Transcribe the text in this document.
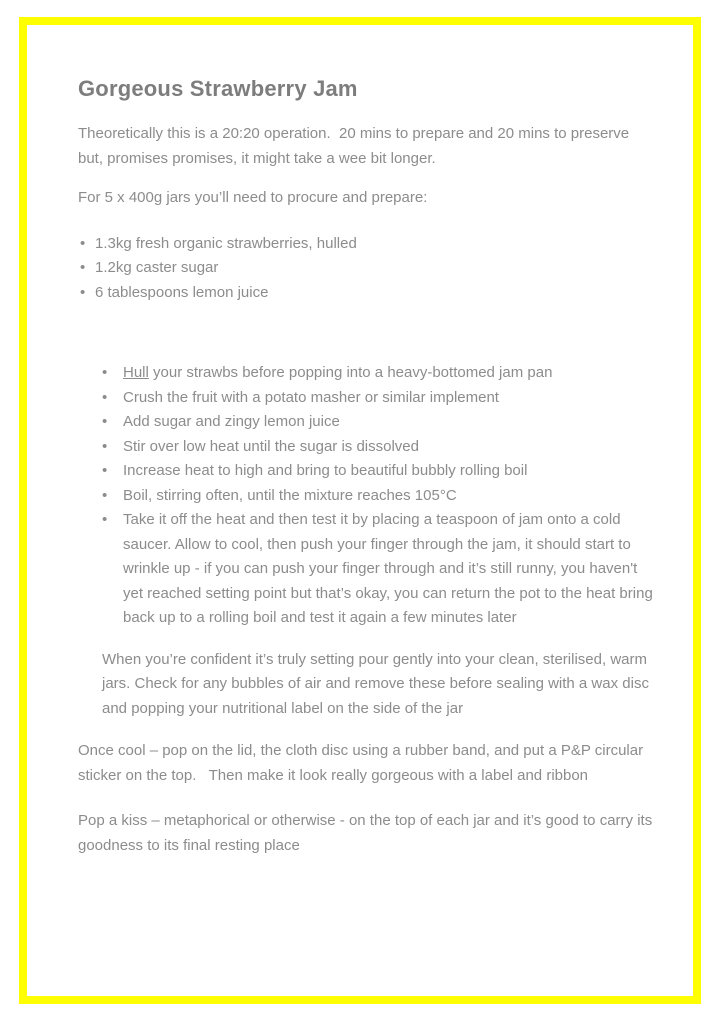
Gorgeous Strawberry Jam

Theoretically this is a 20:20 operation.  20 mins to prepare and 20 mins to preserve but, promises promises, it might take a wee bit longer.

For 5 x 400g jars you’ll need to procure and prepare:

• 1.3kg fresh organic strawberries, hulled
• 1.2kg caster sugar
• 6 tablespoons lemon juice
• Hull your strawbs before popping into a heavy-bottomed jam pan
• Crush the fruit with a potato masher or similar implement
• Add sugar and zingy lemon juice
• Stir over low heat until the sugar is dissolved
• Increase heat to high and bring to beautiful bubbly rolling boil
• Boil, stirring often, until the mixture reaches 105°C
• Take it off the heat and then test it by placing a teaspoon of jam onto a cold saucer. Allow to cool, then push your finger through the jam, it should start to wrinkle up - if you can push your finger through and it’s still runny, you haven't yet reached setting point but that’s okay, you can return the pot to the heat bring back up to a rolling boil and test it again a few minutes later

When you’re confident it’s truly setting pour gently into your clean, sterilised, warm jars. Check for any bubbles of air and remove these before sealing with a wax disc and popping your nutritional label on the side of the jar

Once cool – pop on the lid, the cloth disc using a rubber band, and put a P&P circular sticker on the top.   Then make it look really gorgeous with a label and ribbon

Pop a kiss – metaphorical or otherwise - on the top of each jar and it’s good to carry its goodness to its final resting place
